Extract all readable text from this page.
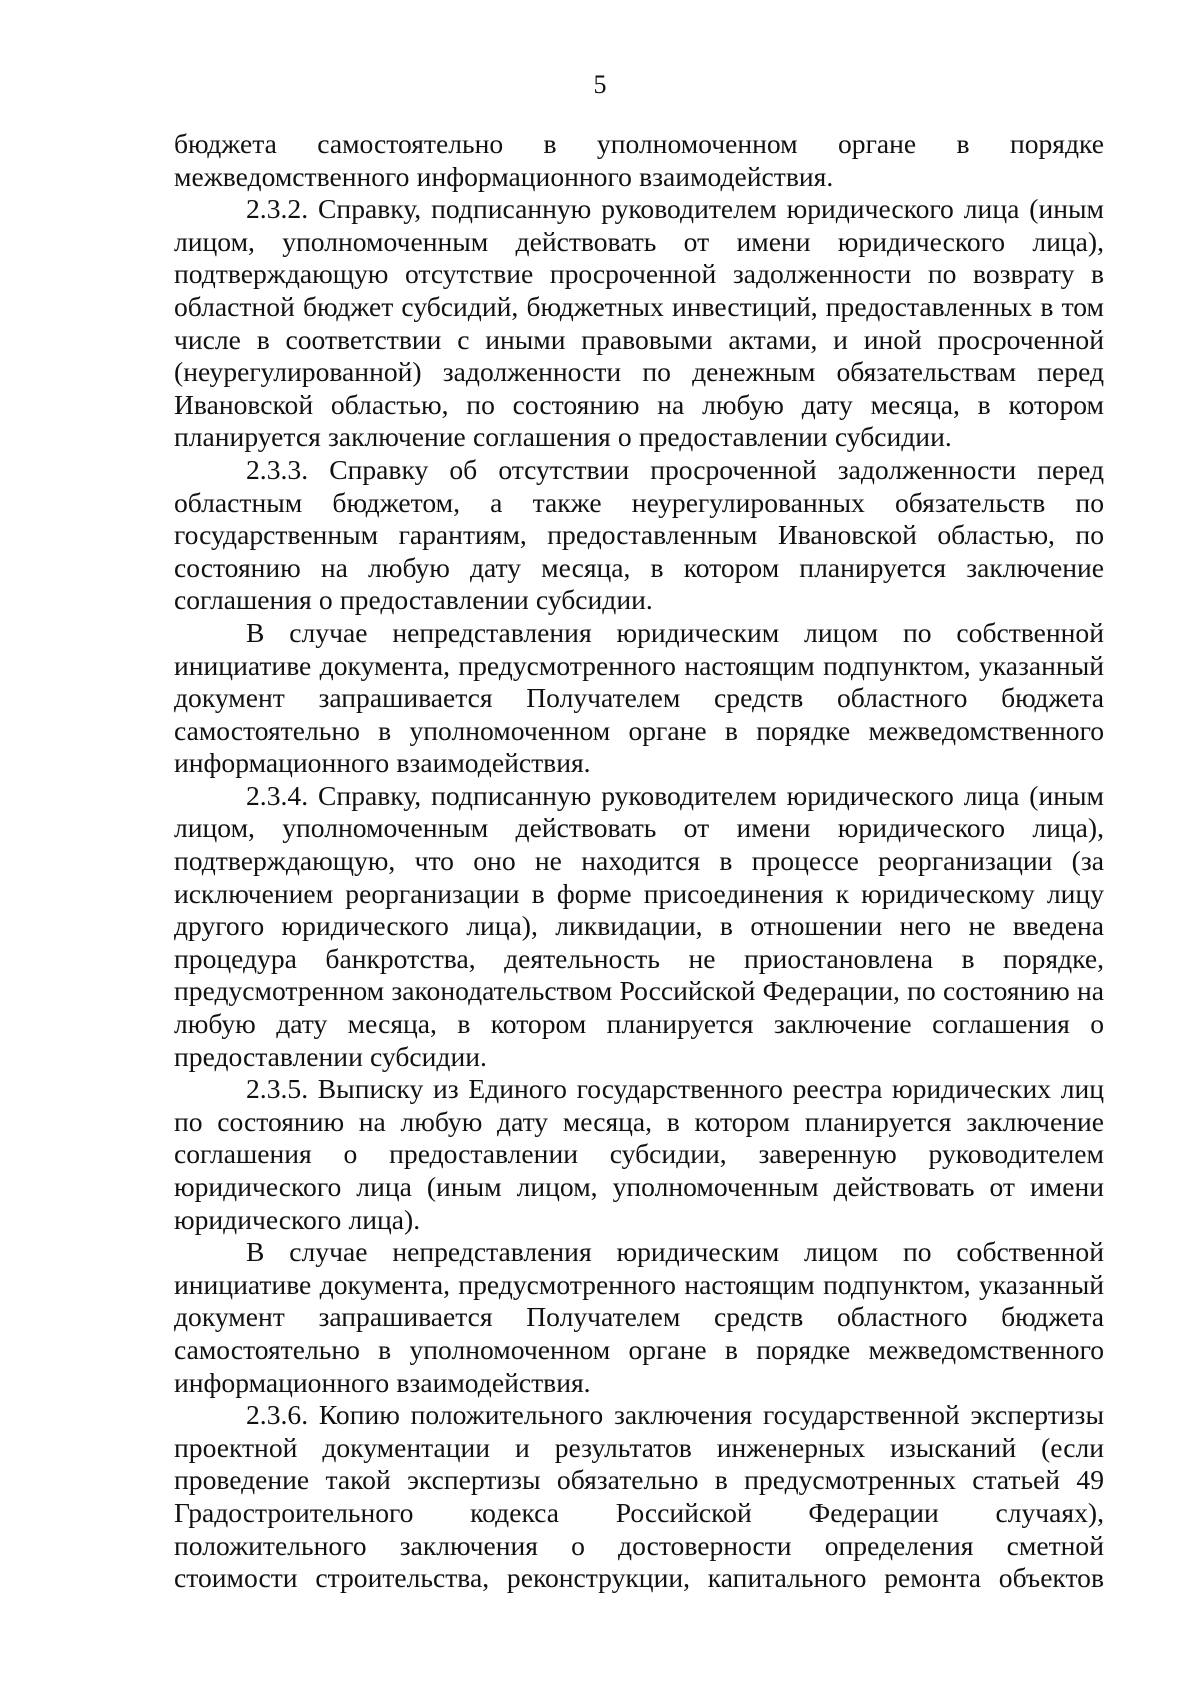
5

бюджета самостоятельно в уполномоченном органе в порядке межведомственного информационного взаимодействия.

2.3.2. Справку, подписанную руководителем юридического лица (иным лицом, уполномоченным действовать от имени юридического лица), подтверждающую отсутствие просроченной задолженности по возврату в областной бюджет субсидий, бюджетных инвестиций, предоставленных в том числе в соответствии с иными правовыми актами, и иной просроченной (неурегулированной) задолженности по денежным обязательствам перед Ивановской областью, по состоянию на любую дату месяца, в котором планируется заключение соглашения о предоставлении субсидии.

2.3.3. Справку об отсутствии просроченной задолженности перед областным бюджетом, а также неурегулированных обязательств по государственным гарантиям, предоставленным Ивановской областью, по состоянию на любую дату месяца, в котором планируется заключение соглашения о предоставлении субсидии.

В случае непредставления юридическим лицом по собственной инициативе документа, предусмотренного настоящим подпунктом, указанный документ запрашивается Получателем средств областного бюджета самостоятельно в уполномоченном органе в порядке межведомственного информационного взаимодействия.

2.3.4. Справку, подписанную руководителем юридического лица (иным лицом, уполномоченным действовать от имени юридического лица), подтверждающую, что оно не находится в процессе реорганизации (за исключением реорганизации в форме присоединения к юридическому лицу другого юридического лица), ликвидации, в отношении него не введена процедура банкротства, деятельность не приостановлена в порядке, предусмотренном законодательством Российской Федерации, по состоянию на любую дату месяца, в котором планируется заключение соглашения о предоставлении субсидии.

2.3.5. Выписку из Единого государственного реестра юридических лиц по состоянию на любую дату месяца, в котором планируется заключение соглашения о предоставлении субсидии, заверенную руководителем юридического лица (иным лицом, уполномоченным действовать от имени юридического лица).

В случае непредставления юридическим лицом по собственной инициативе документа, предусмотренного настоящим подпунктом, указанный документ запрашивается Получателем средств областного бюджета самостоятельно в уполномоченном органе в порядке межведомственного информационного взаимодействия.

2.3.6. Копию положительного заключения государственной экспертизы проектной документации и результатов инженерных изысканий (если проведение такой экспертизы обязательно в предусмотренных статьей 49 Градостроительного кодекса Российской Федерации случаях), положительного заключения о достоверности определения сметной стоимости строительства, реконструкции, капитального ремонта объектов
